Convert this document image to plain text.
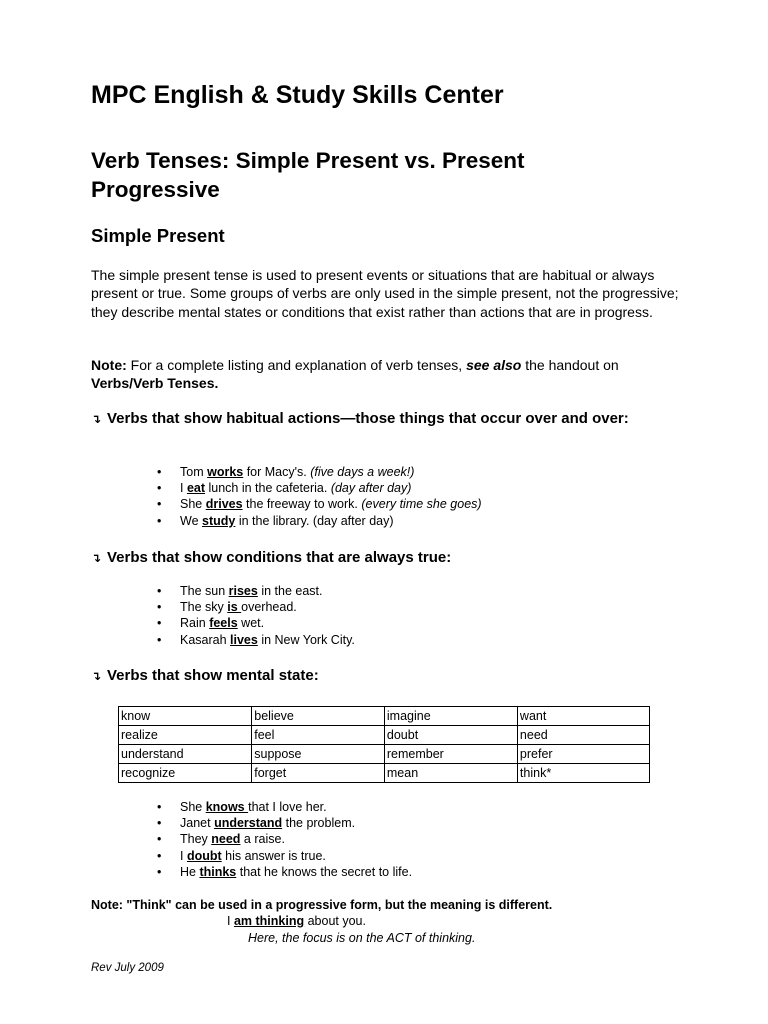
MPC English & Study Skills Center
Verb Tenses: Simple Present vs. Present Progressive
Simple Present

The simple present tense is used to present events or situations that are habitual or always present or true. Some groups of verbs are only used in the simple present, not the progressive; they describe mental states or conditions that exist rather than actions that are in progress.

Note: For a complete listing and explanation of verb tenses, see also the handout on
Verbs/Verb Tenses.

↴ Verbs that show habitual actions—those things that occur over and over:

• Tom works for Macy's. (five days a week!)
• I eat lunch in the cafeteria. (day after day)
• She drives the freeway to work. (every time she goes)
• We study in the library. (day after day)

↴ Verbs that show conditions that are always true:

• The sun rises in the east.
• The sky is overhead.
• Rain feels wet.
• Kasarah lives in New York City.

↴ Verbs that show mental state:

know	believe	imagine	want
realize	feel	doubt	need
understand	suppose	remember	prefer
recognize	forget	mean	think*
• She knows that I love her.
• Janet understand the problem.
• They need a raise.
• I doubt his answer is true.
• He thinks that he knows the secret to life.
Note: "Think" can be used in a progressive form, but the meaning is different.
I am thinking about you.
Here, the focus is on the ACT of thinking.
Rev July 2009
